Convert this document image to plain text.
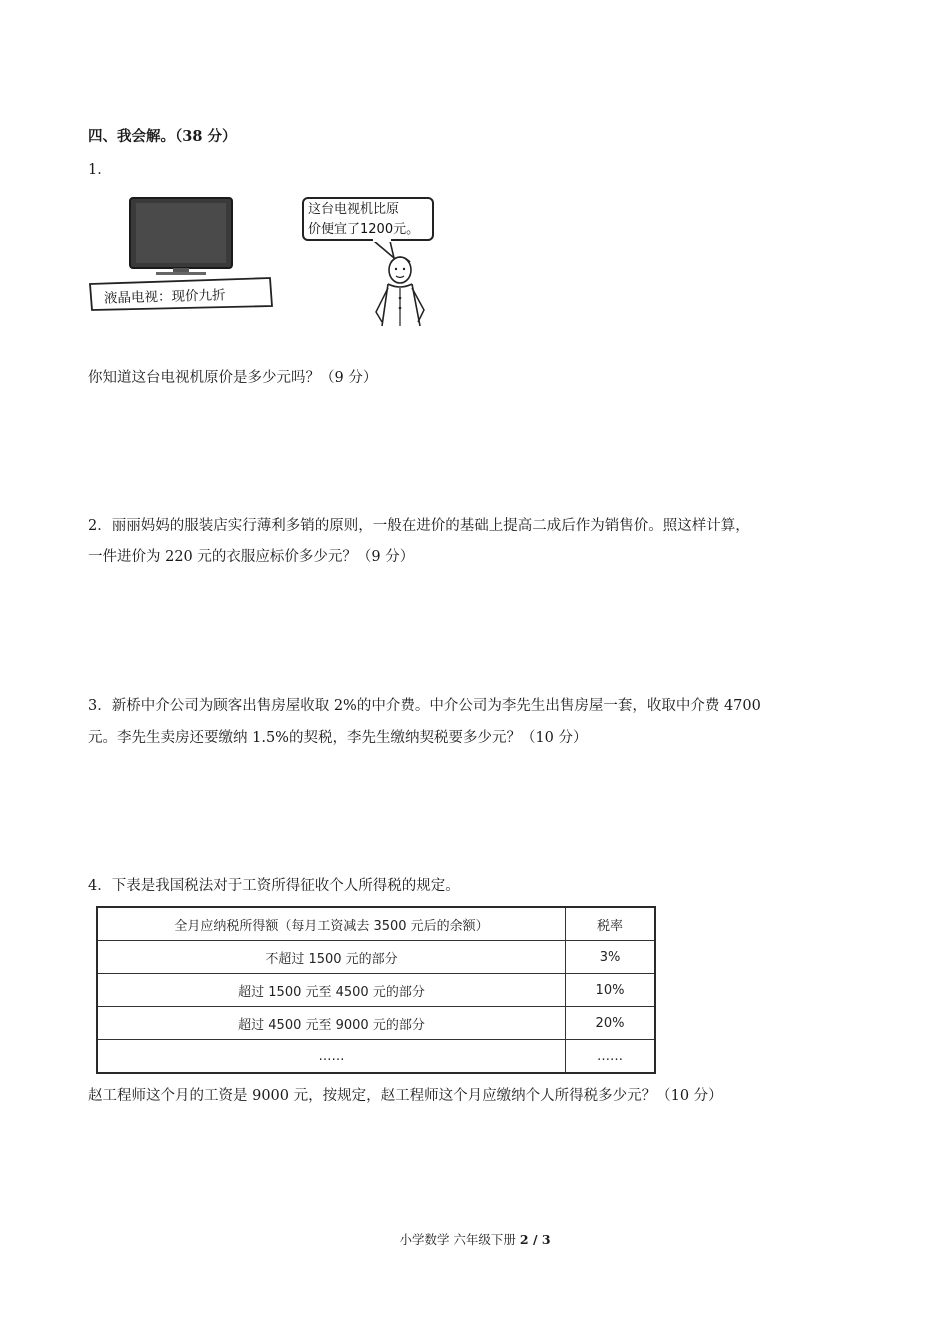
四、我会解。（38 分）
1．
液晶电视：现价九折
这台电视机比原
价便宜了1200元。
你知道这台电视机原价是多少元吗？（9 分）
2．丽丽妈妈的服装店实行薄利多销的原则，一般在进价的基础上提高二成后作为销售价。照这样计算，
一件进价为 220 元的衣服应标价多少元？（9 分）
3．新桥中介公司为顾客出售房屋收取 2%的中介费。中介公司为李先生出售房屋一套，收取中介费 4700
元。李先生卖房还要缴纳 1.5%的契税，李先生缴纳契税要多少元？（10 分）
4．下表是我国税法对于工资所得征收个人所得税的规定。
全月应纳税所得额（每月工资减去 3500 元后的余额）	税率
不超过 1500 元的部分	3%
超过 1500 元至 4500 元的部分	10%
超过 4500 元至 9000 元的部分	20%
……	……
赵工程师这个月的工资是 9000 元，按规定，赵工程师这个月应缴纳个人所得税多少元？（10 分）
小学数学 六年级下册 2 / 3
